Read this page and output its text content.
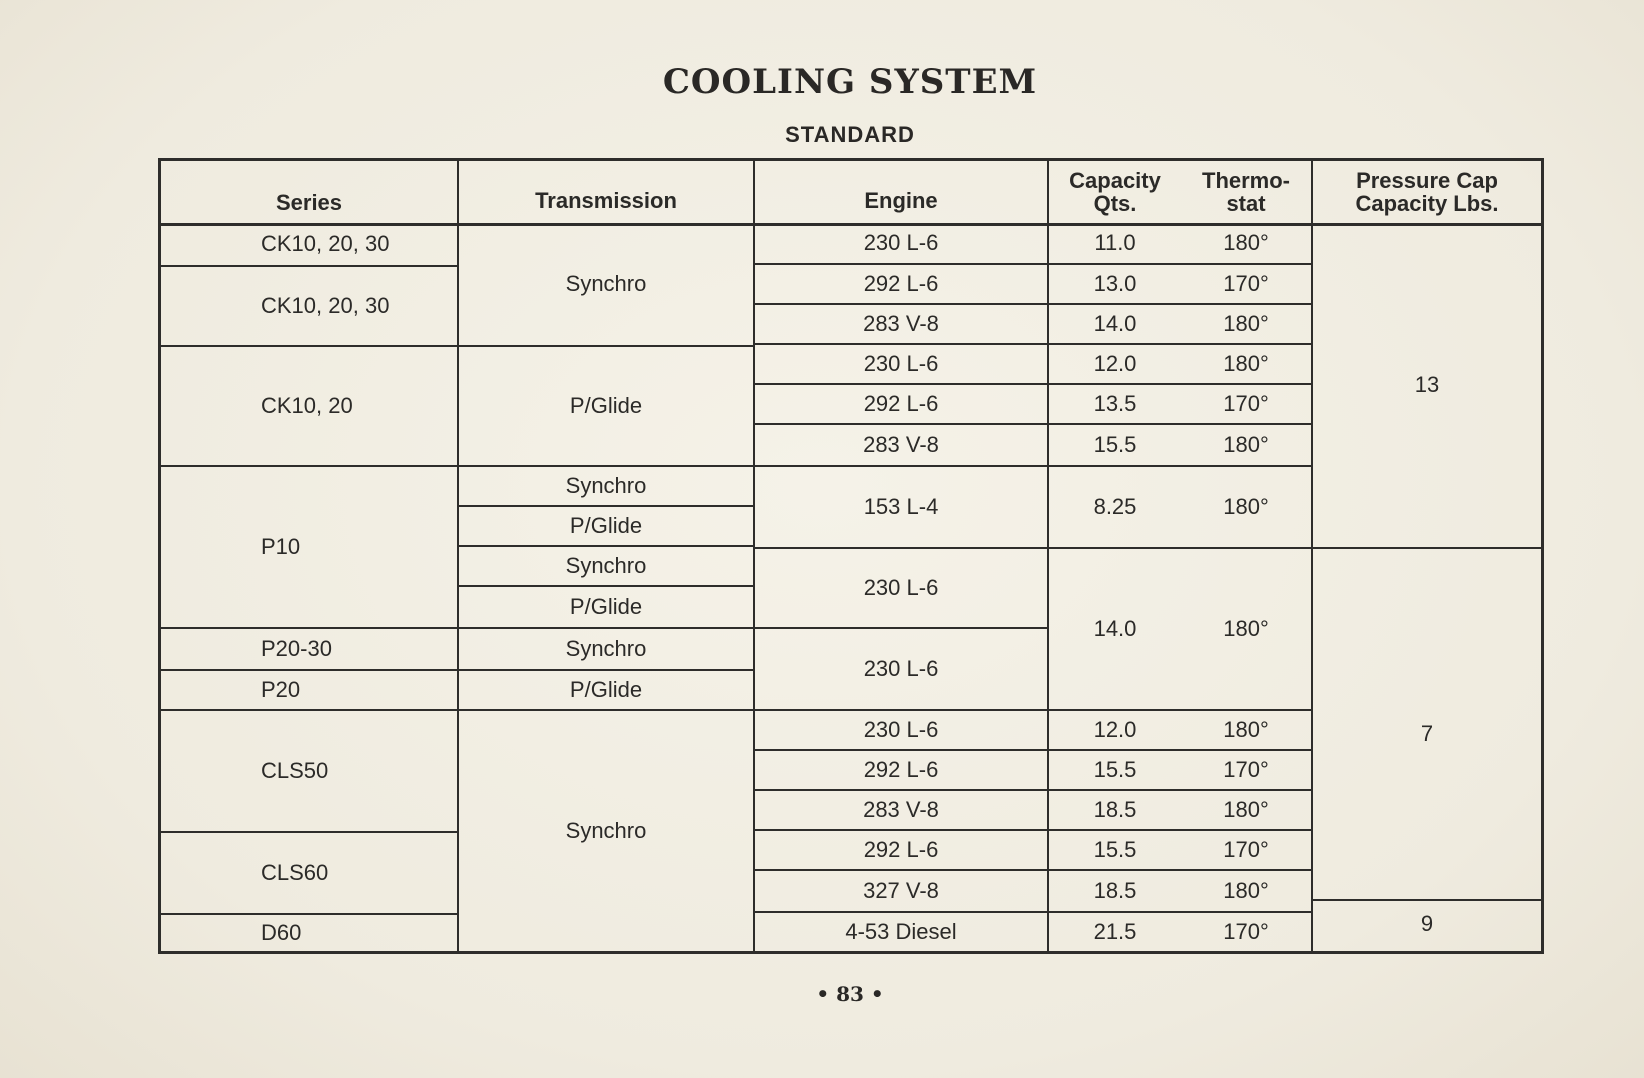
COOLING SYSTEM
STANDARD
Series	Transmission	Engine
Capacity
Qts.
Thermo-
stat
Pressure Cap
Capacity Lbs.
CK10, 20, 30
CK10, 20, 30
CK10, 20
P10
P20-30
P20
CLS50
CLS60
D60
Synchro
P/Glide
Synchro
P/Glide
Synchro
P/Glide
Synchro
P/Glide
Synchro
230 L-6
292 L-6
283 V-8
230 L-6
292 L-6
283 V-8
153 L-4
230 L-6
230 L-6
230 L-6
292 L-6
283 V-8
292 L-6
327 V-8
4-53 Diesel
11.0
13.0
14.0
12.0
13.5
15.5
8.25
14.0
12.0
15.5
18.5
15.5
18.5
21.5
180°
170°
180°
180°
170°
180°
180°
180°
180°
170°
180°
170°
180°
170°
13
7
9
• 83 •
